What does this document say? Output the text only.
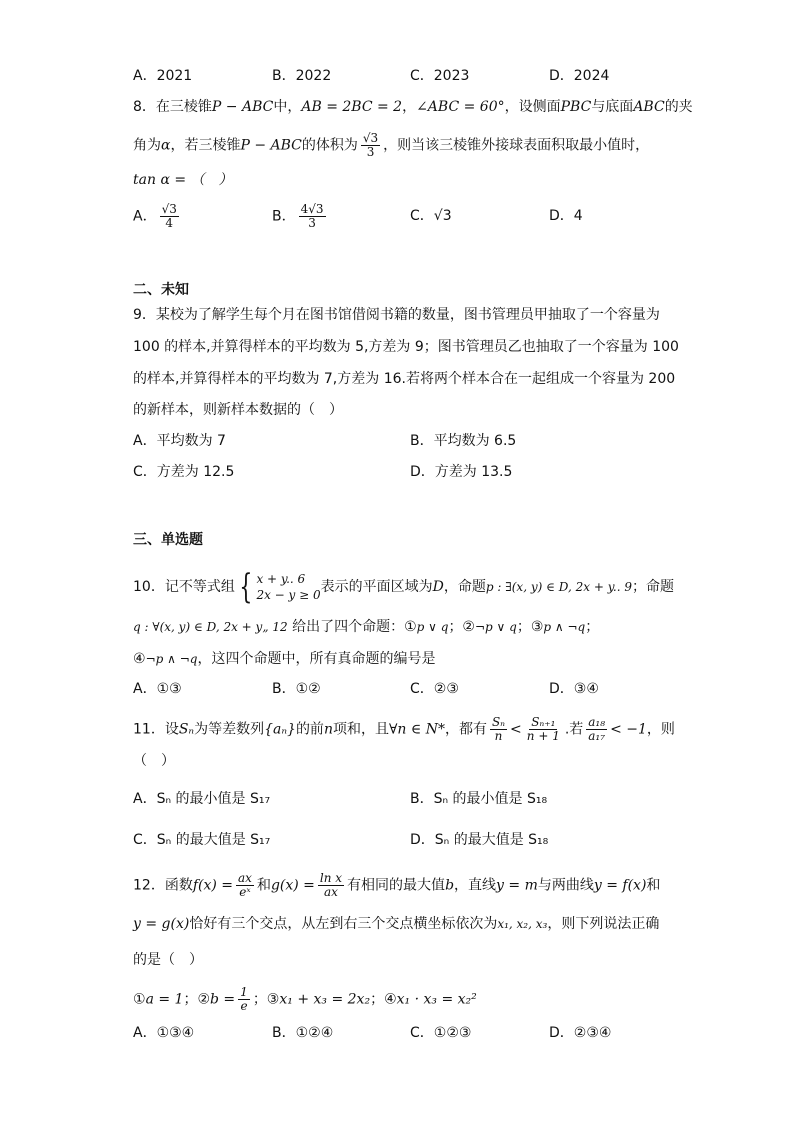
A．2021	B．2022	C．2023	D．2024
8．在三棱锥P − ABC中，AB = 2BC = 2，∠ABC = 60°，设侧面PBC与底面ABC的夹
角为α，若三棱锥P − ABC的体积为 $\frac{√3}{3}$ ，则当该三棱锥外接球表面积取最小值时，
tan α = （　）
A． $\frac{√3}{4}$	B． $\frac{4√3}{3}$	C．√3	D．4
二、未知
9．某校为了解学生每个月在图书馆借阅书籍的数量，图书管理员甲抽取了一个容量为
100 的样本,并算得样本的平均数为 5,方差为 9；图书管理员乙也抽取了一个容量为 100
的样本,并算得样本的平均数为 7,方差为 16.若将两个样本合在一起组成一个容量为 200
的新样本，则新样本数据的（　）
A．平均数为 7	B．平均数为 6.5
C．方差为 12.5	D．方差为 13.5
三、单选题
10．记不等式组 { x + y.. 6
2x − y ≥ 0 表示的平面区域为D，命题p : ∃(x, y) ∈ D, 2x + y.. 9；命题
q : ∀(x, y) ∈ D, 2x + y„ 12 给出了四个命题：①p ∨ q；②¬p ∨ q；③p ∧ ¬q；
④¬p ∧ ¬q，这四个命题中，所有真命题的编号是
A．①③	B．①②	C．②③	D．③④
11．设Sₙ为等差数列{aₙ}的前n项和，且∀n ∈ N*，都有 $\frac{\text{Sₙ}}{n} < \frac{\text{Sₙ₊₁}}{n + 1}$ .若 $\frac{\text{a₁₈}}{\text{a₁₇}} < -1$，则
（　）
A．Sₙ 的最小值是 S₁₇	B．Sₙ 的最小值是 S₁₈
C．Sₙ 的最大值是 S₁₇	D．Sₙ 的最大值是 S₁₈
12．函数$f(x) = \frac{ax}{\text{eˣ}}$ 和$g(x) = \frac{\text{ln x}}{ax}$ 有相同的最大值b，直线y = m与两曲线y = f(x)和
y = g(x)恰好有三个交点，从左到右三个交点横坐标依次为x₁, x₂, x₃，则下列说法正确
的是（　）
①a = 1；②b = $\frac{1}{e}$ ；③x₁ + x₃ = 2x₂；④x₁ · x₃ = x₂²
A．①③④	B．①②④	C．①②③	D．②③④
